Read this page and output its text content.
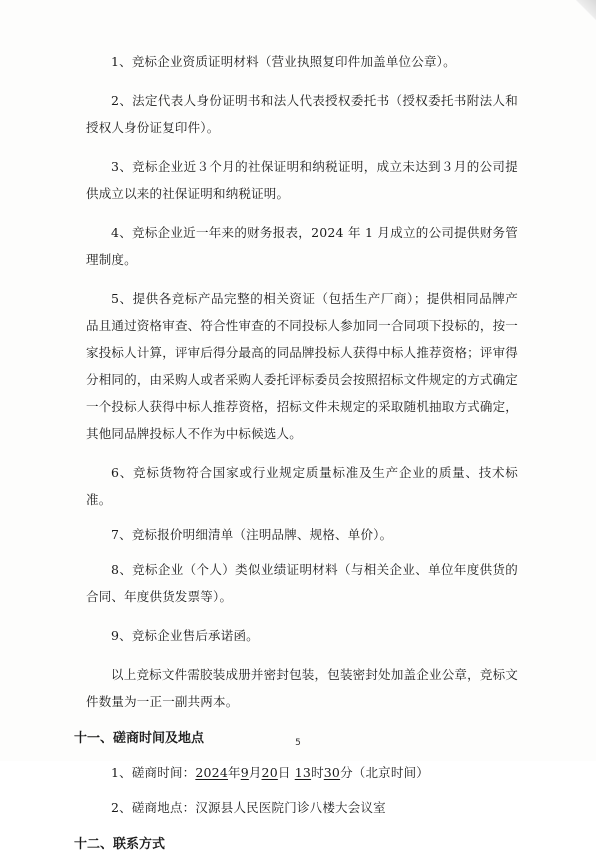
1、竞标企业资质证明材料（营业执照复印件加盖单位公章）。

2、法定代表人身份证明书和法人代表授权委托书（授权委托书附法人和授权人身份证复印件）。

3、竞标企业近３个月的社保证明和纳税证明，成立未达到３月的公司提供成立以来的社保证明和纳税证明。

4、竞标企业近一年来的财务报表，2024 年 1 月成立的公司提供财务管理制度。

5、提供各竞标产品完整的相关资证（包括生产厂商）；提供相同品牌产品且通过资格审查、符合性审查的不同投标人参加同一合同项下投标的，按一家投标人计算，评审后得分最高的同品牌投标人获得中标人推荐资格；评审得分相同的，由采购人或者采购人委托评标委员会按照招标文件规定的方式确定一个投标人获得中标人推荐资格，招标文件未规定的采取随机抽取方式确定，其他同品牌投标人不作为中标候选人。

6、竞标货物符合国家或行业规定质量标准及生产企业的质量、技术标准。

7、竞标报价明细清单（注明品牌、规格、单价）。

8、竞标企业（个人）类似业绩证明材料（与相关企业、单位年度供货的合同、年度供货发票等）。

9、竞标企业售后承诺函。

以上竞标文件需胶装成册并密封包装，包装密封处加盖企业公章，竞标文件数量为一正一副共两本。

十一、磋商时间及地点

1、磋商时间：2024年9月20日 13时30分（北京时间）

2、磋商地点：汉源县人民医院门诊八楼大会议室

十二、联系方式
5
